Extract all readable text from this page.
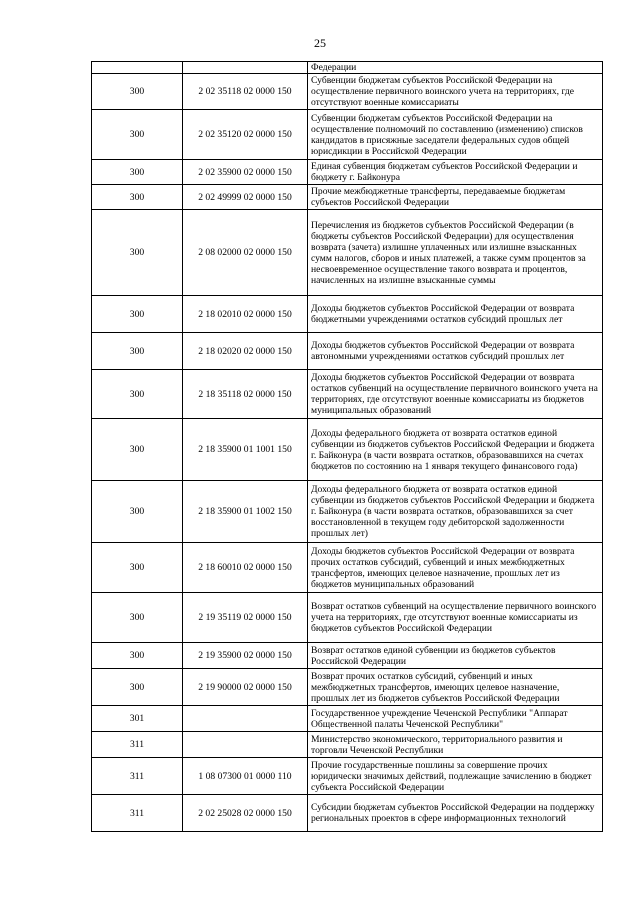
25
		Федерации
300	2 02 35118 02 0000 150	Субвенции бюджетам субъектов Российской Федерации на осуществление первичного воинского учета на территориях, где отсутствуют военные комиссариаты
300	2 02 35120 02 0000 150	Субвенции бюджетам субъектов Российской Федерации на осуществление полномочий по составлению (изменению) списков кандидатов в присяжные заседатели федеральных судов общей юрисдикции в Российской Федерации
300	2 02 35900 02 0000 150	Единая субвенция бюджетам субъектов Российской Федерации и бюджету г. Байконура
300	2 02 49999 02 0000 150	Прочие межбюджетные трансферты, передаваемые бюджетам субъектов Российской Федерации
300	2 08 02000 02 0000 150	Перечисления из бюджетов субъектов Российской Федерации (в бюджеты субъектов Российской Федерации) для осуществления возврата (зачета) излишне уплаченных или излишне взысканных сумм налогов, сборов и иных платежей, а также сумм процентов за несвоевременное осуществление такого возврата и процентов, начисленных на излишне взысканные суммы
300	2 18 02010 02 0000 150	Доходы бюджетов субъектов Российской Федерации от возврата бюджетными учреждениями остатков субсидий прошлых лет
300	2 18 02020 02 0000 150	Доходы бюджетов субъектов Российской Федерации от возврата автономными учреждениями остатков субсидий прошлых лет
300	2 18 35118 02 0000 150	Доходы бюджетов субъектов Российской Федерации от возврата остатков субвенций на осуществление первичного воинского учета на территориях, где отсутствуют военные комиссариаты из бюджетов муниципальных образований
300	2 18 35900 01 1001 150	Доходы федерального бюджета от возврата остатков единой субвенции из бюджетов субъектов Российской Федерации и бюджета г. Байконура (в части возврата остатков, образовавшихся на счетах бюджетов по состоянию на 1 января текущего финансового года)
300	2 18 35900 01 1002 150	Доходы федерального бюджета от возврата остатков единой субвенции из бюджетов субъектов Российской Федерации и бюджета г. Байконура (в части возврата остатков, образовавшихся за счет восстановленной в текущем году дебиторской задолженности прошлых лет)
300	2 18 60010 02 0000 150	Доходы бюджетов субъектов Российской Федерации от возврата прочих остатков субсидий, субвенций и иных межбюджетных трансфертов, имеющих целевое назначение, прошлых лет из бюджетов муниципальных образований
300	2 19 35119 02 0000 150	Возврат остатков субвенций на осуществление первичного воинского учета на территориях, где отсутствуют военные комиссариаты из бюджетов субъектов Российской Федерации
300	2 19 35900 02 0000 150	Возврат остатков единой субвенции из бюджетов субъектов Российской Федерации
300	2 19 90000 02 0000 150	Возврат прочих остатков субсидий, субвенций и иных межбюджетных трансфертов, имеющих целевое назначение, прошлых лет из бюджетов субъектов Российской Федерации
301		Государственное учреждение Чеченской Республики "Аппарат Общественной палаты Чеченской Республики"
311		Министерство экономического, территориального развития и торговли Чеченской Республики
311	1 08 07300 01 0000 110	Прочие государственные пошлины за совершение прочих юридически значимых действий, подлежащие зачислению в бюджет субъекта Российской Федерации
311	2 02 25028 02 0000 150	Субсидии бюджетам субъектов Российской Федерации на поддержку региональных проектов в сфере информационных технологий
